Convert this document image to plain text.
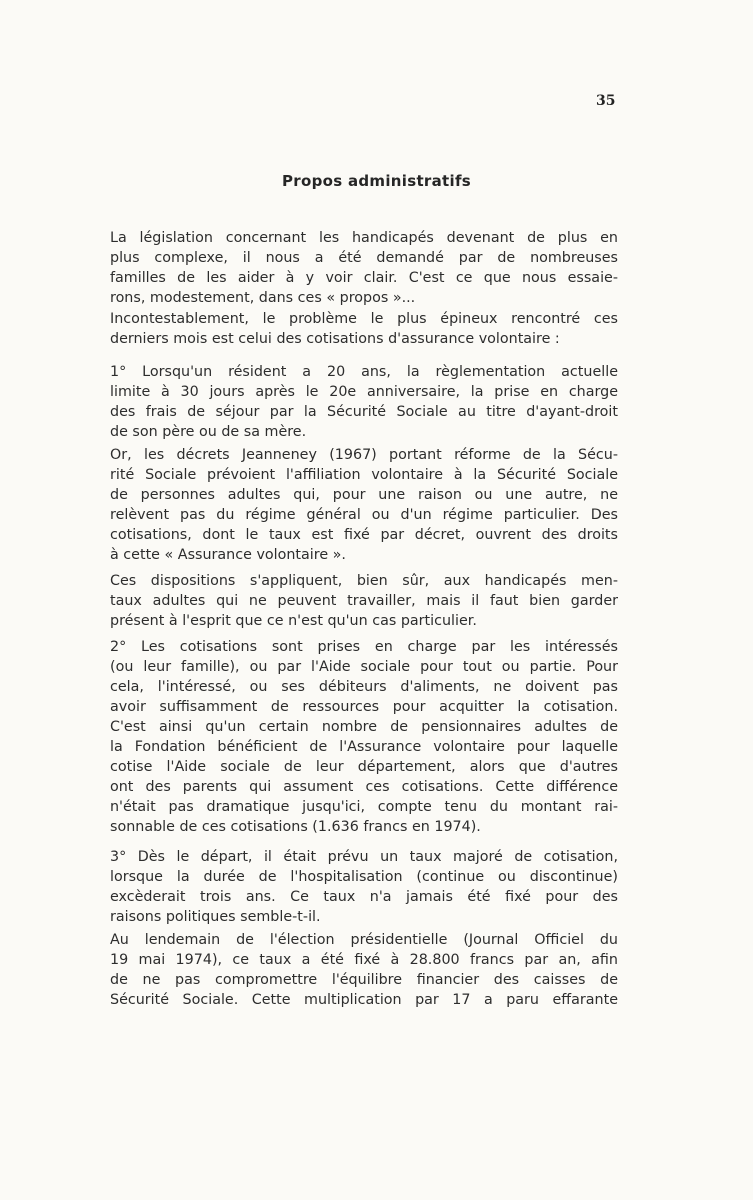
35
Propos administratifs
La législation concernant les handicapés devenant de plus en
plus complexe, il nous a été demandé par de nombreuses
familles de les aider à y voir clair. C'est ce que nous essaie-
rons, modestement, dans ces « propos »...
Incontestablement, le problème le plus épineux rencontré ces
derniers mois est celui des cotisations d'assurance volontaire :
1° Lorsqu'un résident a 20 ans, la règlementation actuelle
limite à 30 jours après le 20e anniversaire, la prise en charge
des frais de séjour par la Sécurité Sociale au titre d'ayant-droit
de son père ou de sa mère.
Or, les décrets Jeanneney (1967) portant réforme de la Sécu-
rité Sociale prévoient l'affiliation volontaire à la Sécurité Sociale
de personnes adultes qui, pour une raison ou une autre, ne
relèvent pas du régime général ou d'un régime particulier. Des
cotisations, dont le taux est fixé par décret, ouvrent des droits
à cette « Assurance volontaire ».
Ces dispositions s'appliquent, bien sûr, aux handicapés men-
taux adultes qui ne peuvent travailler, mais il faut bien garder
présent à l'esprit que ce n'est qu'un cas particulier.
2° Les cotisations sont prises en charge par les intéressés
(ou leur famille), ou par l'Aide sociale pour tout ou partie. Pour
cela, l'intéressé, ou ses débiteurs d'aliments, ne doivent pas
avoir suffisamment de ressources pour acquitter la cotisation.
C'est ainsi qu'un certain nombre de pensionnaires adultes de
la Fondation bénéficient de l'Assurance volontaire pour laquelle
cotise l'Aide sociale de leur département, alors que d'autres
ont des parents qui assument ces cotisations. Cette différence
n'était pas dramatique jusqu'ici, compte tenu du montant rai-
sonnable de ces cotisations (1.636 francs en 1974).
3° Dès le départ, il était prévu un taux majoré de cotisation,
lorsque la durée de l'hospitalisation (continue ou discontinue)
excèderait trois ans. Ce taux n'a jamais été fixé pour des
raisons politiques semble-t-il.
Au lendemain de l'élection présidentielle (Journal Officiel du
19 mai 1974), ce taux a été fixé à 28.800 francs par an, afin
de ne pas compromettre l'équilibre financier des caisses de
Sécurité Sociale. Cette multiplication par 17 a paru effarante
